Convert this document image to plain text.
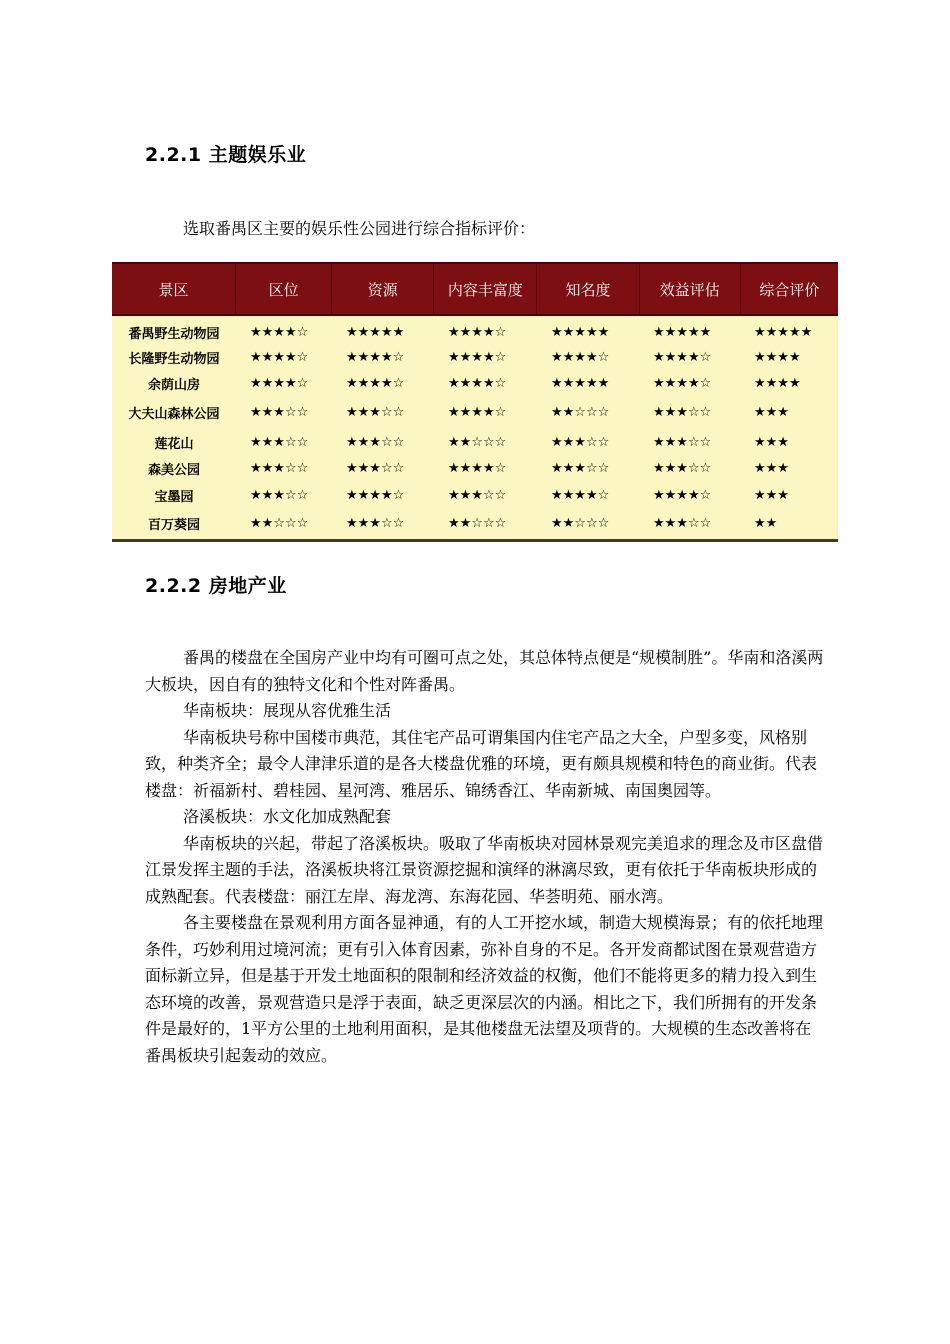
2.2.1 主题娱乐业

选取番禺区主要的娱乐性公园进行综合指标评价：

景区	区位	资源	内容丰富度	知名度	效益评估	综合评价
番禺野生动物园	★★★★☆	★★★★★	★★★★☆	★★★★★	★★★★★	★★★★★
长隆野生动物园	★★★★☆	★★★★☆	★★★★☆	★★★★☆	★★★★☆	★★★★
余荫山房	★★★★☆	★★★★☆	★★★★☆	★★★★★	★★★★☆	★★★★
大夫山森林公园	★★★☆☆	★★★☆☆	★★★★☆	★★☆☆☆	★★★☆☆	★★★
莲花山	★★★☆☆	★★★☆☆	★★☆☆☆	★★★☆☆	★★★☆☆	★★★
森美公园	★★★☆☆	★★★☆☆	★★★★☆	★★★☆☆	★★★☆☆	★★★
宝墨园	★★★☆☆	★★★★☆	★★★☆☆	★★★★☆	★★★★☆	★★★
百万葵园	★★☆☆☆	★★★☆☆	★★☆☆☆	★★☆☆☆	★★★☆☆	★★
2.2.2 房地产业

番禺的楼盘在全国房产业中均有可圈可点之处，其总体特点便是“规模制胜”。华南和洛溪两大板块，因自有的独特文化和个性对阵番禺。

华南板块：展现从容优雅生活

华南板块号称中国楼市典范，其住宅产品可谓集国内住宅产品之大全，户型多变，风格别致，种类齐全；最令人津津乐道的是各大楼盘优雅的环境，更有颇具规模和特色的商业街。代表楼盘：祈福新村、碧桂园、星河湾、雅居乐、锦绣香江、华南新城、南国奥园等。

洛溪板块：水文化加成熟配套

华南板块的兴起，带起了洛溪板块。吸取了华南板块对园林景观完美追求的理念及市区盘借江景发挥主题的手法，洛溪板块将江景资源挖掘和演绎的淋漓尽致，更有依托于华南板块形成的成熟配套。代表楼盘：丽江左岸、海龙湾、东海花园、华荟明苑、丽水湾。

各主要楼盘在景观利用方面各显神通，有的人工开挖水域，制造大规模海景；有的依托地理条件，巧妙利用过境河流；更有引入体育因素，弥补自身的不足。各开发商都试图在景观营造方面标新立异，但是基于开发土地面积的限制和经济效益的权衡，他们不能将更多的精力投入到生态环境的改善，景观营造只是浮于表面，缺乏更深层次的内涵。相比之下，我们所拥有的开发条件是最好的，1平方公里的土地利用面积，是其他楼盘无法望及项背的。大规模的生态改善将在番禺板块引起轰动的效应。
